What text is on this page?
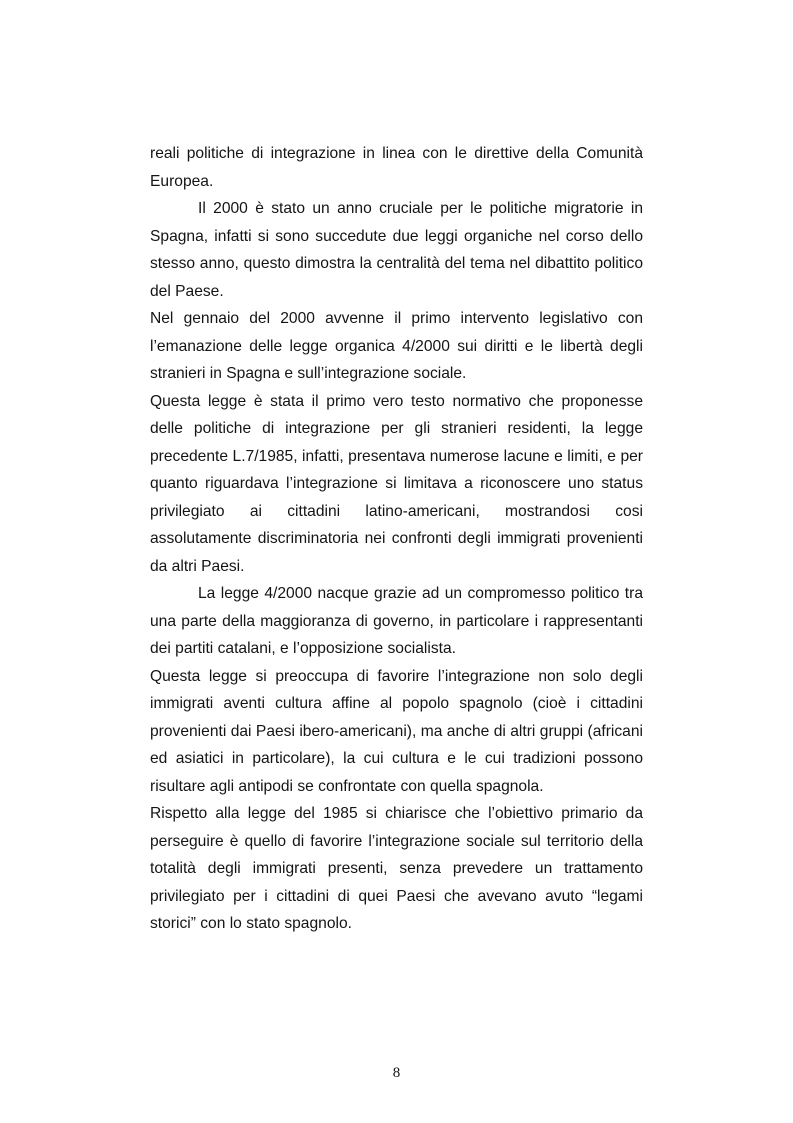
reali politiche di integrazione in linea con le direttive della Comunità Europea.

Il 2000 è stato un anno cruciale per le politiche migratorie in Spagna, infatti si sono succedute due leggi organiche nel corso dello stesso anno, questo dimostra la centralità del tema nel dibattito politico del Paese.

Nel gennaio del 2000 avvenne il primo intervento legislativo con l’emanazione delle legge organica 4/2000 sui diritti e le libertà degli stranieri in Spagna e sull’integrazione sociale.

Questa legge è stata il primo vero testo normativo che proponesse delle politiche di integrazione per gli stranieri residenti, la legge precedente L.7/1985, infatti, presentava numerose lacune e limiti, e per quanto riguardava l’integrazione si limitava a riconoscere uno status privilegiato ai cittadini latino-americani, mostrandosi cosi assolutamente discriminatoria nei confronti degli immigrati provenienti da altri Paesi.

La legge 4/2000 nacque grazie ad un compromesso politico tra una parte della maggioranza di governo, in particolare i rappresentanti dei partiti catalani, e l’opposizione socialista.

Questa legge si preoccupa di favorire l’integrazione non solo degli immigrati aventi cultura affine al popolo spagnolo (cioè i cittadini provenienti dai Paesi ibero-americani), ma anche di altri gruppi (africani ed asiatici in particolare), la cui cultura e le cui tradizioni possono risultare agli antipodi se confrontate con quella spagnola.

Rispetto alla legge del 1985 si chiarisce che l’obiettivo primario da perseguire è quello di favorire l’integrazione sociale sul territorio della totalità degli immigrati presenti, senza prevedere un trattamento privilegiato per i cittadini di quei Paesi che avevano avuto “legami storici” con lo stato spagnolo.

8
